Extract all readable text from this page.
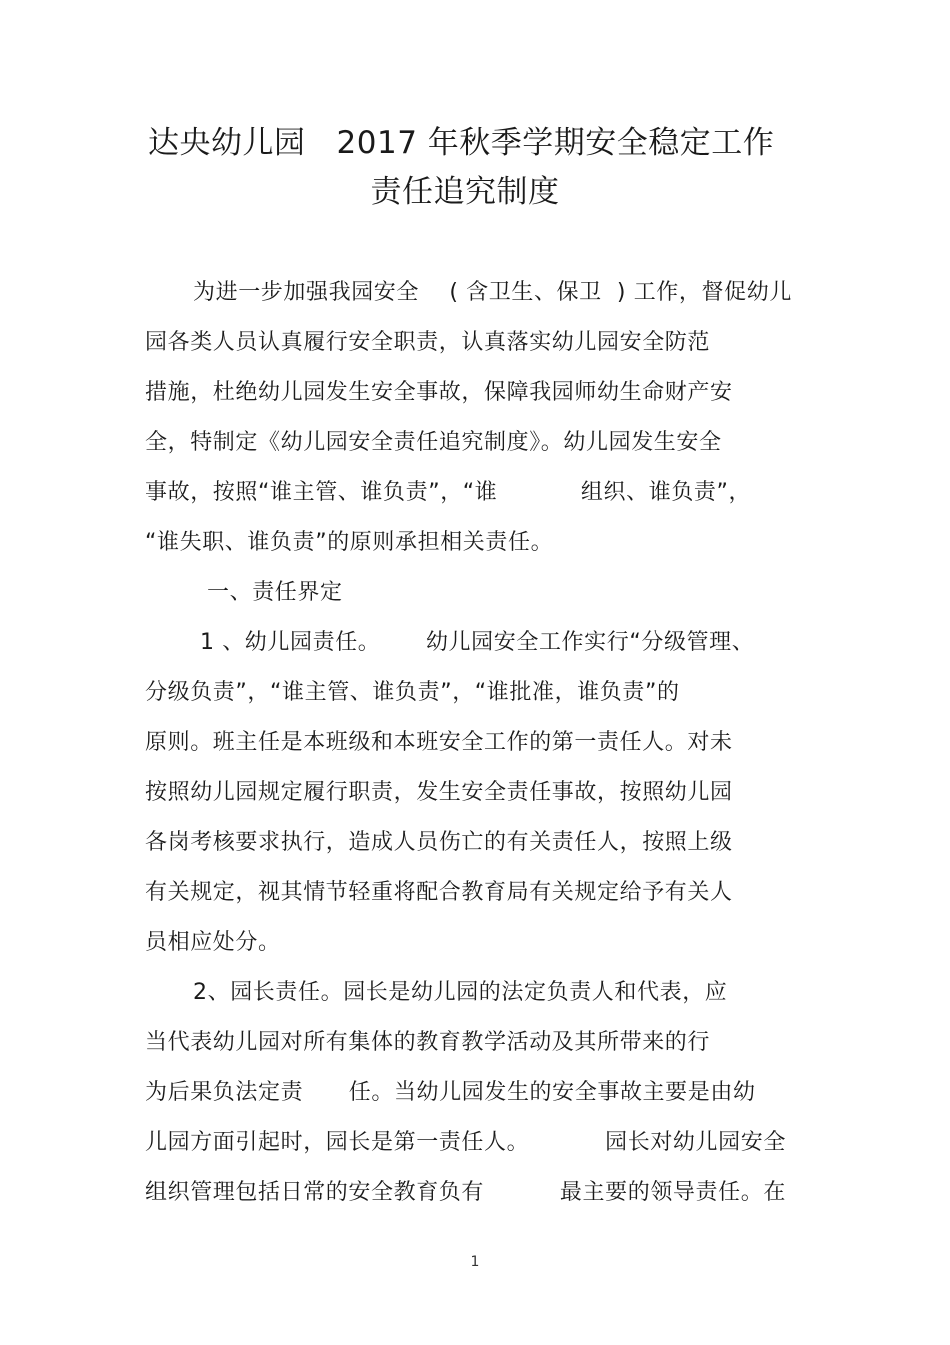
达央幼儿园   2017 年秋季学期安全稳定工作
责任追究制度
为进一步加强我园安全    ( 含卫生、保卫  ) 工作，督促幼儿
园各类人员认真履行安全职责，认真落实幼儿园安全防范
措施，杜绝幼儿园发生安全事故，保障我园师幼生命财产安
全，特制定《幼儿园安全责任追究制度》。幼儿园发生安全
事故，按照“谁主管、谁负责”，“谁           组织、谁负责”，
“谁失职、谁负责”的原则承担相关责任。
一、责任界定
1 、幼儿园责任。      幼儿园安全工作实行“分级管理、
分级负责”，“谁主管、谁负责”，“谁批准，谁负责”的
原则。班主任是本班级和本班安全工作的第一责任人。对未
按照幼儿园规定履行职责，发生安全责任事故，按照幼儿园
各岗考核要求执行，造成人员伤亡的有关责任人，按照上级
有关规定，视其情节轻重将配合教育局有关规定给予有关人
员相应处分。
2、园长责任。园长是幼儿园的法定负责人和代表，应
当代表幼儿园对所有集体的教育教学活动及其所带来的行
为后果负法定责      任。当幼儿园发生的安全事故主要是由幼
儿园方面引起时，园长是第一责任人。          园长对幼儿园安全
组织管理包括日常的安全教育负有          最主要的领导责任。在
1
